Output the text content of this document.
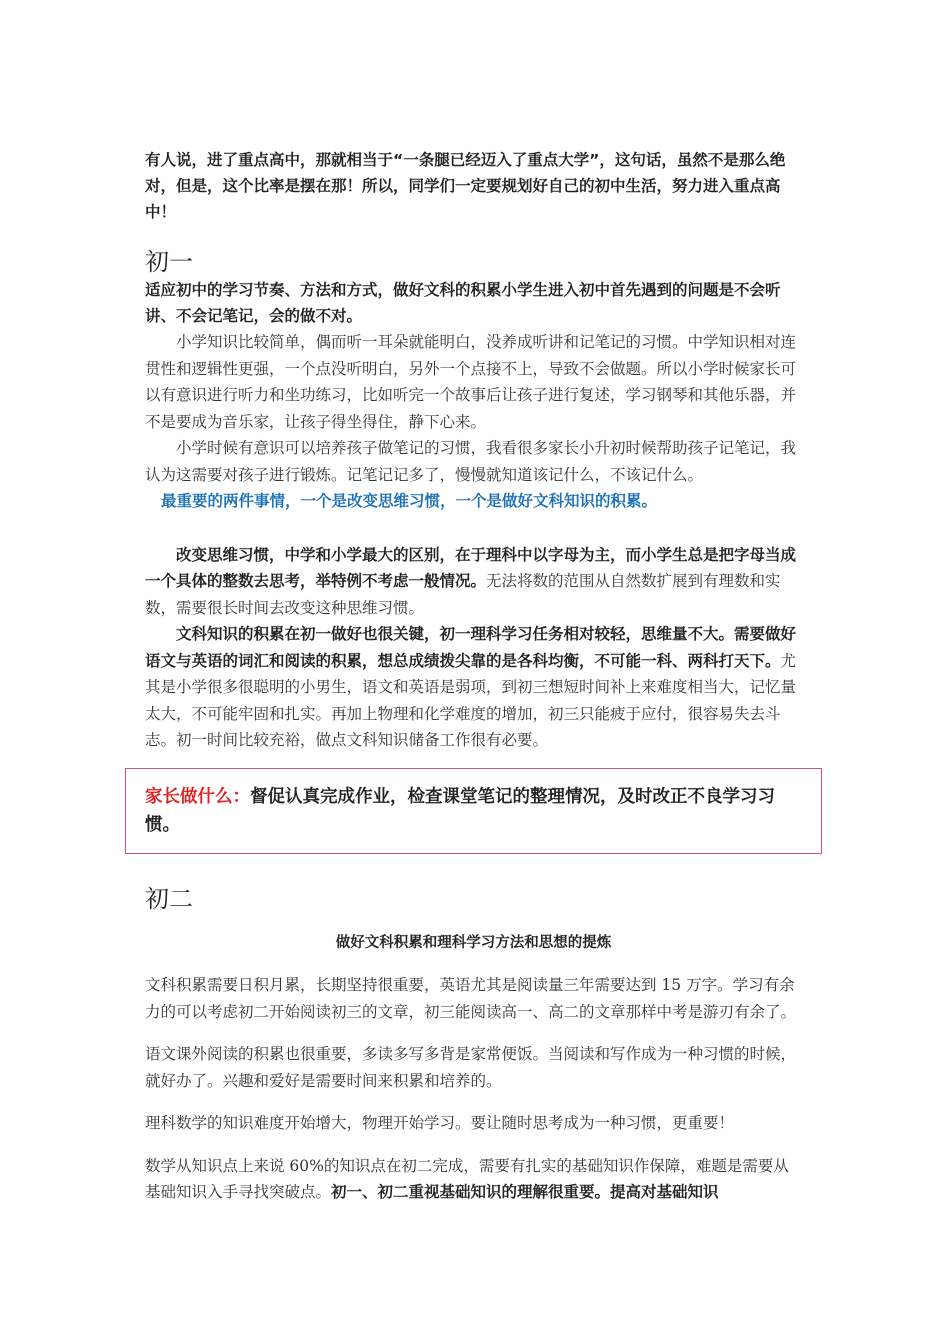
有人说，进了重点高中，那就相当于“一条腿已经迈入了重点大学”，这句话，虽然不是那么绝对，但是，这个比率是摆在那！所以，同学们一定要规划好自己的初中生活，努力进入重点高中！

初一

适应初中的学习节奏、方法和方式，做好文科的积累小学生进入初中首先遇到的问题是不会听讲、不会记笔记，会的做不对。

小学知识比较简单，偶而听一耳朵就能明白，没养成听讲和记笔记的习惯。中学知识相对连贯性和逻辑性更强，一个点没听明白，另外一个点接不上，导致不会做题。所以小学时候家长可以有意识进行听力和坐功练习，比如听完一个故事后让孩子进行复述，学习钢琴和其他乐器，并不是要成为音乐家，让孩子得坐得住，静下心来。

小学时候有意识可以培养孩子做笔记的习惯，我看很多家长小升初时候帮助孩子记笔记，我认为这需要对孩子进行锻炼。记笔记记多了，慢慢就知道该记什么，不该记什么。

最重要的两件事情，一个是改变思维习惯，一个是做好文科知识的积累。

改变思维习惯，中学和小学最大的区别，在于理科中以字母为主，而小学生总是把字母当成一个具体的整数去思考，举特例不考虑一般情况。无法将数的范围从自然数扩展到有理数和实数，需要很长时间去改变这种思维习惯。

文科知识的积累在初一做好也很关键，初一理科学习任务相对较轻，思维量不大。需要做好语文与英语的词汇和阅读的积累，想总成绩拨尖靠的是各科均衡，不可能一科、两科打天下。尤其是小学很多很聪明的小男生，语文和英语是弱项，到初三想短时间补上来难度相当大，记忆量太大，不可能牢固和扎实。再加上物理和化学难度的增加，初三只能疲于应付，很容易失去斗志。初一时间比较充裕，做点文科知识储备工作很有必要。

家长做什么：督促认真完成作业，检查课堂笔记的整理情况，及时改正不良学习习惯。
初二

做好文科积累和理科学习方法和思想的提炼

文科积累需要日积月累，长期坚持很重要，英语尤其是阅读量三年需要达到 15 万字。学习有余力的可以考虑初二开始阅读初三的文章，初三能阅读高一、高二的文章那样中考是游刃有余了。

语文课外阅读的积累也很重要，多读多写多背是家常便饭。当阅读和写作成为一种习惯的时候，就好办了。兴趣和爱好是需要时间来积累和培养的。

理科数学的知识难度开始增大，物理开始学习。要让随时思考成为一种习惯，更重要！

数学从知识点上来说 60%的知识点在初二完成，需要有扎实的基础知识作保障，难题是需要从基础知识入手寻找突破点。初一、初二重视基础知识的理解很重要。提高对基础知识
